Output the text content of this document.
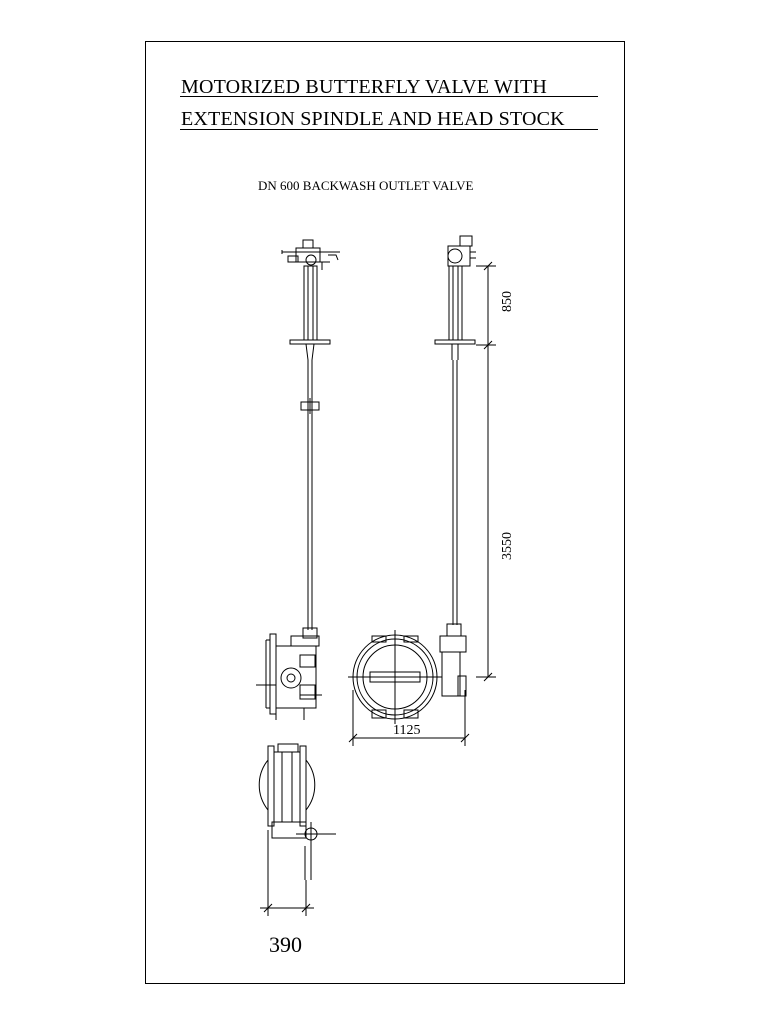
MOTORIZED BUTTERFLY VALVE WITH
EXTENSION SPINDLE AND HEAD STOCK
DN 600 BACKWASH OUTLET VALVE
850
3550
1125
390
